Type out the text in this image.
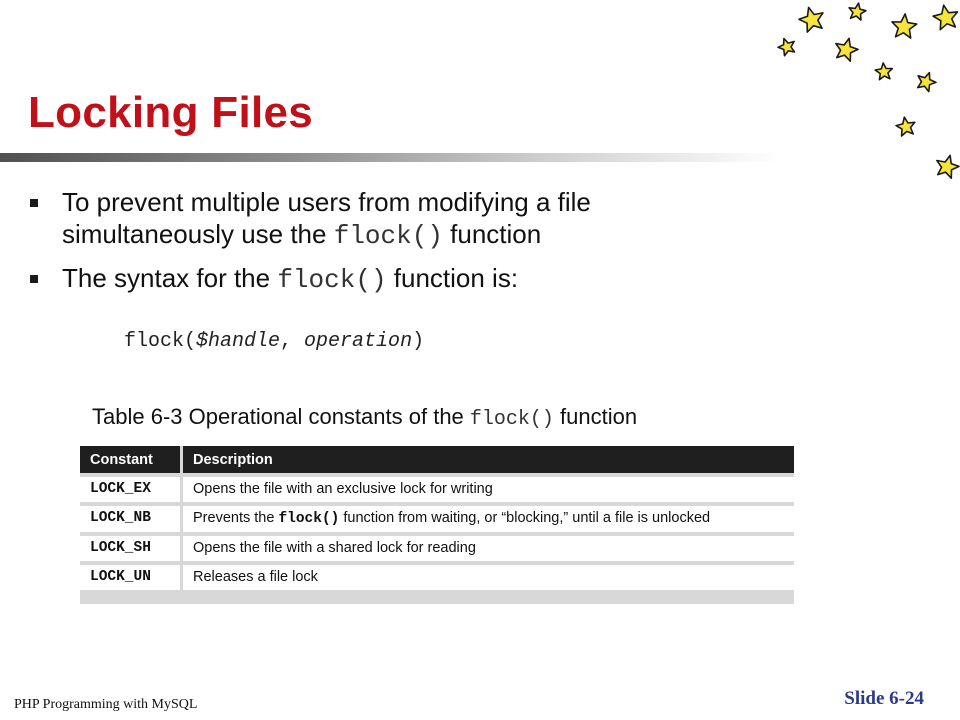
Locking Files
To prevent multiple users from modifying a file simultaneously use the flock() function
The syntax for the flock() function is:
flock($handle, operation)
Table 6-3 Operational constants of the flock() function
Constant	Description
LOCK_EX	Opens the file with an exclusive lock for writing
LOCK_NB	Prevents the flock() function from waiting, or “blocking,” until a file is unlocked
LOCK_SH	Opens the file with a shared lock for reading
LOCK_UN	Releases a file lock
PHP Programming with MySQL	Slide 6-24
